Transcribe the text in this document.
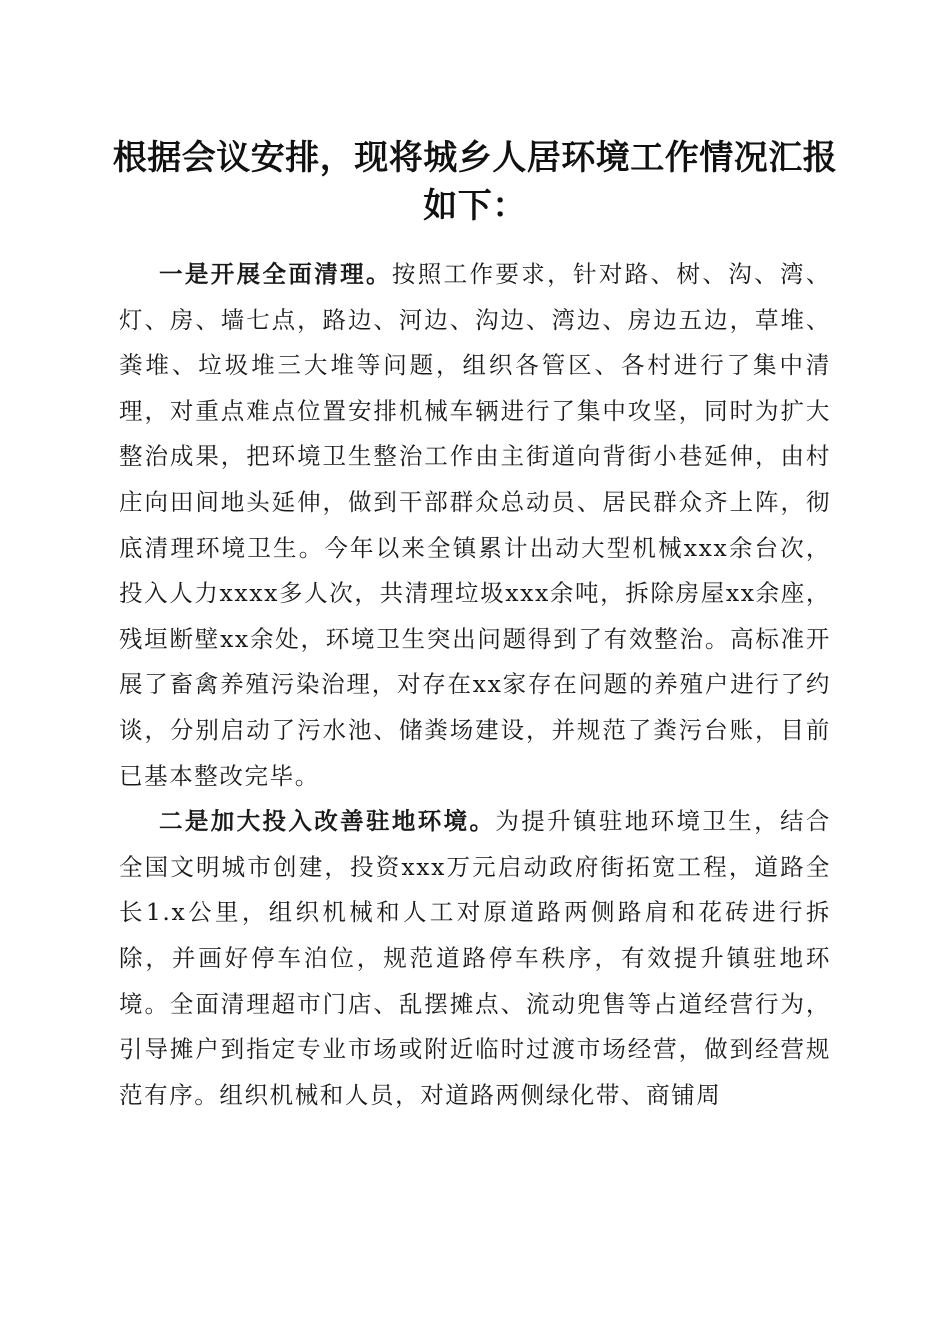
根据会议安排，现将城乡人居环境工作情况汇报如下：

一是开展全面清理。按照工作要求，针对路、树、沟、湾、灯、房、墙七点，路边、河边、沟边、湾边、房边五边，草堆、粪堆、垃圾堆三大堆等问题，组织各管区、各村进行了集中清理，对重点难点位置安排机械车辆进行了集中攻坚，同时为扩大整治成果，把环境卫生整治工作由主街道向背街小巷延伸，由村庄向田间地头延伸，做到干部群众总动员、居民群众齐上阵，彻底清理环境卫生。今年以来全镇累计出动大型机械xxx余台次，投入人力xxxx多人次，共清理垃圾xxx余吨，拆除房屋xx余座，残垣断壁xx余处，环境卫生突出问题得到了有效整治。高标准开展了畜禽养殖污染治理，对存在xx家存在问题的养殖户进行了约谈，分别启动了污水池、储粪场建设，并规范了粪污台账，目前已基本整改完毕。

二是加大投入改善驻地环境。为提升镇驻地环境卫生，结合全国文明城市创建，投资xxx万元启动政府街拓宽工程，道路全长1.x公里，组织机械和人工对原道路两侧路肩和花砖进行拆除，并画好停车泊位，规范道路停车秩序，有效提升镇驻地环境。全面清理超市门店、乱摆摊点、流动兜售等占道经营行为，引导摊户到指定专业市场或附近临时过渡市场经营，做到经营规范有序。组织机械和人员，对道路两侧绿化带、商铺周
